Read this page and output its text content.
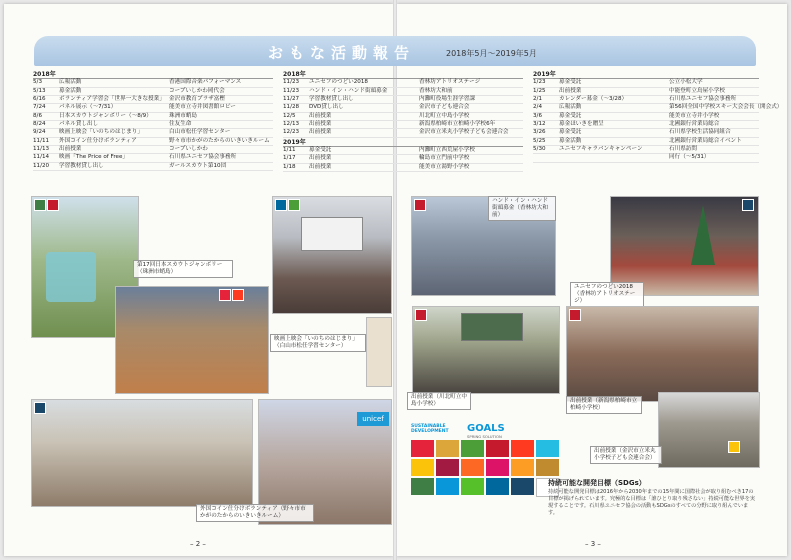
おもな活動報告	2018年5月〜2019年5月
2018年
5/3	広報活動	香港国際音楽パフォーマンス
5/13	募金活動	コープいしかわ岡代会
6/16	ボランティア学習会「世界一大きな授業」 金沢市教育プラザ富樫
7/24	パネル展示（〜7/31）	能美市立寺井図書館ロビー
8/6	日本スカウトジャンボリー（〜8/9）	珠洲市蛸島
8/24	パネル貸し出し	住友生命
9/24	映画上映会「いのちのはじまり」	白山市松任学習センター
11/11	外国コイン仕分けボランティア	野々市市かがのたからのいきいきルーム
11/13	出前授業	コープいしかわ
11/14	映画「The Price of Free」	石川県ユニセフ協会事務所
11/20	学習教材貸し出し	ガールスカウト第10団
2018年
11/23	ユニセフのつどい2018	香林坊アトリオステージ
11/23	ハンド・イン・ハンド街頭募金	香林坊大和前
11/27	学習教材貸し出し	内灘町役場生涯学習課
11/28	DVD貸し出し	金沢市子ども連合会
12/5	出前授業	川北町立中島小学校
12/13	出前授業	新潟県柏崎市立柏崎小学校6年
12/23	出前授業	金沢市立米丸小学校子ども会連合会
2019年
1/11	募金受託	内灘町立西荒屋小学校
1/17	出前授業	輪島市立門前中学校
1/18	出前授業	能美市立湯野小学校
2019年
1/23	募金受託	公立小松大学
1/25	出前授業	中能登町立鳥屋小学校
2/1	カレンダー募金（〜3/28）	石川県ユニセフ協会事務所
2/4	広報活動	第56回全国中学校スキー大会会長（開会式）
3/6	募金受託	能美市立寺井小学校
3/12	募金ほいきを贈呈	北國銀行営業局総合
3/26	募金受託	石川県学校生活協同組合
5/25	募金活動	北國銀行営業局総合イベント
5/30	ユニセフキャラバンキャンペーン	石川県訪問
同行（〜5/31）
第17回日本スカウトジャンボリー（珠洲市蛸島）
映画上映会「いのちのはじまり」（白山市松任学習センター）
unicef
外国コイン仕分けボランティア（野々市市かがのたからのいきいきルーム）
ハンド・イン・ハンド街頭募金（香林坊大和前）
ユニセフのつどい2018（香林坊アトリオステージ）
出前授業（川北町立中島小学校）	出前授業（新潟県柏崎市立柏崎小学校）
出前授業（金沢市立米丸小学校子ども会連合会）
SUSTAINABLE
DEVELOPMENT GOALS
SPRING SOLUTION
持続可能な開発目標（SDGs）
持続可能な開発目標は2016年から2030年までの15年間に国際社会が取り組むべき17の目標が掲げられています。究極的な目標は「誰ひとり取り残さない」持続可能な世界を実現することです。石川県ユニセフ協会の活動もSDGsのすべての分野に取り組んでいます。
– 2 –	– 3 –
